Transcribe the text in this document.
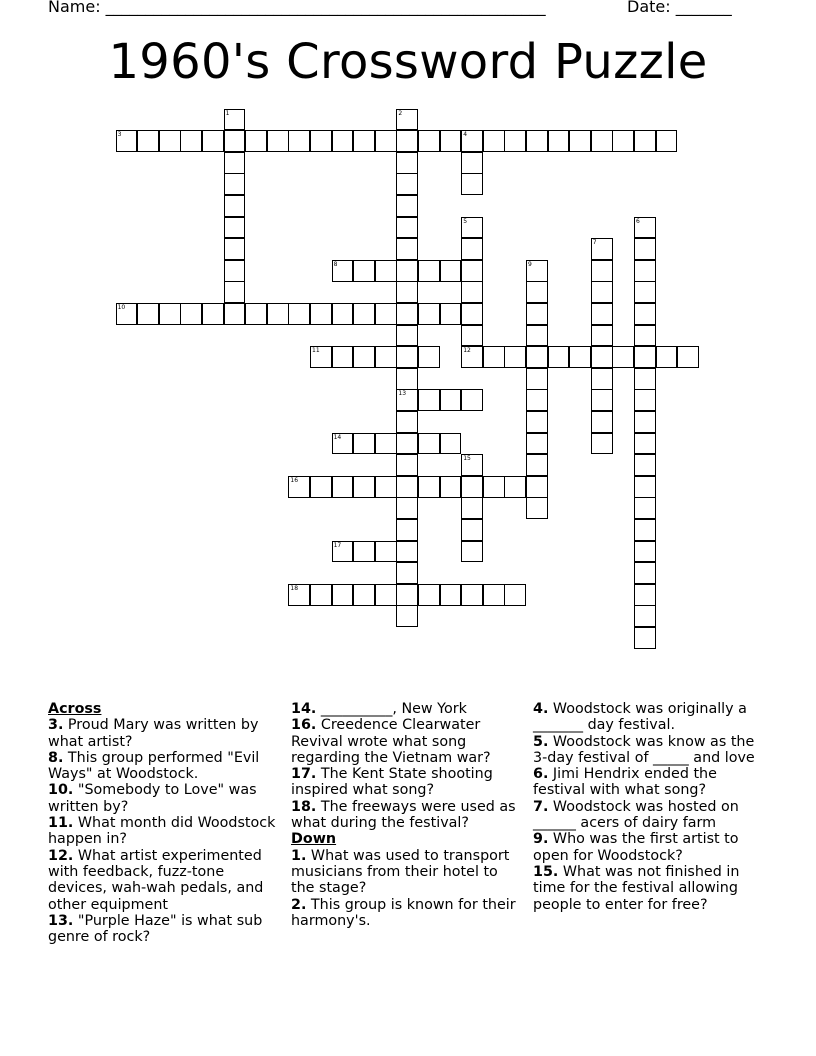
Name: _______________________________________________________	Date: _______
1960's Crossword Puzzle
1	2
13
3	4
5	6
7
8	9
10
11	12
14
15
16
17
18
Across
3. Proud Mary was written by what artist?
8. This group performed "Evil Ways" at Woodstock.
10. "Somebody to Love" was written by?
11. What month did Woodstock happen in?
12. What artist experimented with feedback, fuzz-tone devices, wah-wah pedals, and other equipment
13. "Purple Haze" is what sub genre of rock?
14. __________, New York
16. Creedence Clearwater Revival wrote what song regarding the Vietnam war?
17. The Kent State shooting inspired what song?
18. The freeways were used as what during the festival?
Down
1. What was used to transport musicians from their hotel to the stage?
2. This group is known for their harmony's.
4. Woodstock was originally a _______ day festival.
5. Woodstock was know as the 3-day festival of _____ and love
6. Jimi Hendrix ended the festival with what song?
7. Woodstock was hosted on ______ acers of dairy farm
9. Who was the first artist to open for Woodstock?
15. What was not finished in time for the festival allowing people to enter for free?
